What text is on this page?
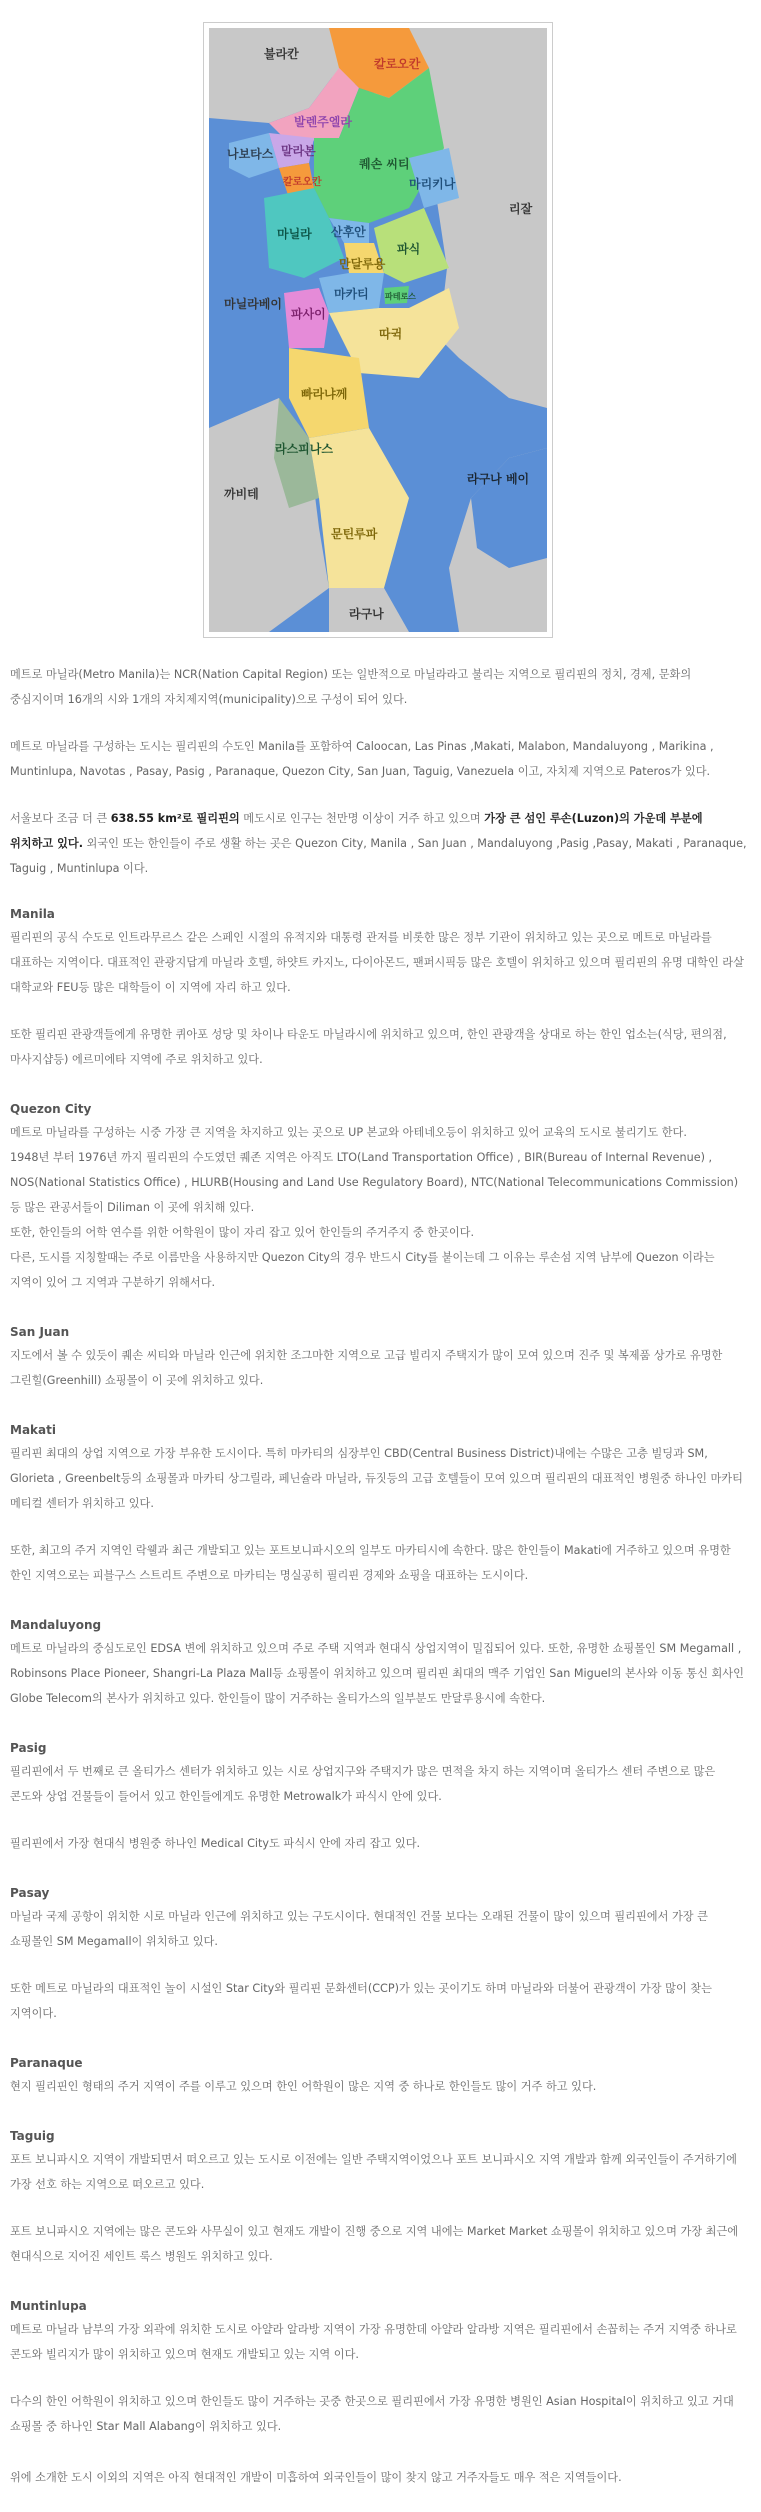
불라칸
칼로오칸
발렌주엘라
나보타스 말라본
칼로오칸
퀘손 씨티
마리키나
리잘
마닐라 산후안
만달루용
파식
마카티 파테로스
마닐라베이
파사이
따귁
빠라냐께
라스피나스
까비테
라구나 베이
문틴루파
라구나

메트로 마닐라(Metro Manila)는 NCR(Nation Capital Region) 또는 일반적으로 마닐라라고 불리는 지역으로 필리핀의 정치, 경제, 문화의 중심지이며 16개의 시와 1개의 자치제지역(municipality)으로 구성이 되어 있다.

메트로 마닐라를 구성하는 도시는 필리핀의 수도인 Manila를 포함하여 Caloocan, Las Pinas ,Makati, Malabon, Mandaluyong , Marikina , Muntinlupa, Navotas , Pasay, Pasig , Paranaque, Quezon City, San Juan, Taguig, Vanezuela 이고, 자치제 지역으로 Pateros가 있다.

서울보다 조금 더 큰 638.55 km²로 필리핀의 메도시로 인구는 천만명 이상이 거주 하고 있으며 가장 큰 섬인 루손(Luzon)의 가운데 부분에 위치하고 있다. 외국인 또는 한인들이 주로 생활 하는 곳은 Quezon City, Manila , San Juan , Mandaluyong ,Pasig ,Pasay, Makati , Paranaque, Taguig , Muntinlupa 이다.

Manila

필리핀의 공식 수도로 인트라무르스 같은 스페인 시절의 유적지와 대통령 관저를 비롯한 많은 정부 기관이 위치하고 있는 곳으로 메트로 마닐라를 대표하는 지역이다. 대표적인 관광지답게 마닐라 호텔, 하얏트 카지노, 다이아몬드, 팬퍼시픽등 많은 호텔이 위치하고 있으며 필리핀의 유명 대학인 라살 대학교와 FEU등 많은 대학들이 이 지역에 자리 하고 있다.

또한 필리핀 관광객들에게 유명한 퀴아포 성당 및 차이나 타운도 마닐라시에 위치하고 있으며, 한인 관광객을 상대로 하는 한인 업소는(식당, 편의점,마사지샵등) 에르미에타 지역에 주로 위치하고 있다.

Quezon City

메트로 마닐라를 구성하는 시중 가장 큰 지역을 차지하고 있는 곳으로 UP 본교와 아테네오등이 위치하고 있어 교육의 도시로 불리기도 한다.

1948년 부터 1976년 까지 필리핀의 수도였던 퀘존 지역은 아직도 LTO(Land Transportation Office) , BIR(Bureau of Internal Revenue) , NOS(National Statistics Office) , HLURB(Housing and Land Use Regulatory Board), NTC(National Telecommunications Commission) 등 많은 관공서들이 Diliman 이 곳에 위치해 있다.

또한, 한인들의 어학 연수를 위한 어학원이 많이 자리 잡고 있어 한인들의 주거주지 중 한곳이다.

다른, 도시를 지칭할때는 주로 이름만을 사용하지만 Quezon City의 경우 반드시 City를 붙이는데 그 이유는 루손섬 지역 남부에 Quezon 이라는 지역이 있어 그 지역과 구분하기 위해서다.

San Juan

지도에서 볼 수 있듯이 퀘손 씨티와 마닐라 인근에 위치한 조그마한 지역으로 고급 빌리지 주택지가 많이 모여 있으며 진주 및 복제품 상가로 유명한 그린힐(Greenhill) 쇼핑몰이 이 곳에 위치하고 있다.

Makati

필리핀 최대의 상업 지역으로 가장 부유한 도시이다. 특히 마카티의 심장부인 CBD(Central Business District)내에는 수많은 고층 빌딩과 SM, Glorieta , Greenbelt등의 쇼핑몰과 마카티 상그릴라, 페닌슐라 마닐라, 듀짓등의 고급 호텔들이 모여 있으며 필리핀의 대표적인 병원중 하나인 마카티 메티컬 센터가 위치하고 있다.

또한, 최고의 주거 지역인 락웰과 최근 개발되고 있는 포트보니파시오의 일부도 마카티시에 속한다. 많은 한인들이 Makati에 거주하고 있으며 유명한 한인 지역으로는 피블구스 스트리트 주변으로 마카티는 명실공히 필리핀 경제와 쇼핑을 대표하는 도시이다.

Mandaluyong

메트로 마닐라의 중심도로인 EDSA 변에 위치하고 있으며 주로 주택 지역과 현대식 상업지역이 밀집되어 있다. 또한, 유명한 쇼핑몰인 SM Megamall , Robinsons Place Pioneer, Shangri-La Plaza Mall등 쇼핑몰이 위치하고 있으며 필리핀 최대의 맥주 기업인 San Miguel의 본사와 이동 통신 회사인 Globe Telecom의 본사가 위치하고 있다. 한인들이 많이 거주하는 올티가스의 일부분도 만달루용시에 속한다.

Pasig

필리핀에서 두 번째로 큰 올티가스 센터가 위치하고 있는 시로 상업지구와 주택지가 많은 면적을 차지 하는 지역이며 올티가스 센터 주변으로 많은 콘도와 상업 건물들이 들어서 있고 한인들에게도 유명한 Metrowalk가 파식시 안에 있다.

필리핀에서 가장 현대식 병원중 하나인 Medical City도 파식시 안에 자리 잡고 있다.

Pasay

마닐라 국제 공항이 위치한 시로 마닐라 인근에 위치하고 있는 구도시이다. 현대적인 건물 보다는 오래된 건물이 많이 있으며 필리핀에서 가장 큰 쇼핑몰인 SM Megamall이 위치하고 있다.

또한 메트로 마닐라의 대표적인 놀이 시설인 Star City와 필리핀 문화센터(CCP)가 있는 곳이기도 하며 마닐라와 더불어 관광객이 가장 많이 찾는 지역이다.

Paranaque

현지 필리핀인 형태의 주거 지역이 주를 이루고 있으며 한인 어학원이 많은 지역 중 하나로 한인들도 많이 거주 하고 있다.

Taguig

포트 보니파시오 지역이 개발되면서 떠오르고 있는 도시로 이전에는 일반 주택지역이었으나 포트 보니파시오 지역 개발과 함께 외국인들이 주거하기에 가장 선호 하는 지역으로 떠오르고 있다.

포트 보니파시오 지역에는 많은 콘도와 사무실이 있고 현재도 개발이 진행 중으로 지역 내에는 Market Market 쇼핑몰이 위치하고 있으며 가장 최근에 현대식으로 지어진 세인트 룩스 병원도 위치하고 있다.

Muntinlupa

메트로 마닐라 남부의 가장 외곽에 위치한 도시로 아얄라 알라방 지역이 가장 유명한데 아얄라 알라방 지역은 필리핀에서 손꼽히는 주거 지역중 하나로 콘도와 빌리지가 많이 위치하고 있으며 현재도 개발되고 있는 지역 이다.

다수의 한인 어학원이 위치하고 있으며 한인들도 많이 거주하는 곳중 한곳으로 필리핀에서 가장 유명한 병원인 Asian Hospital이 위치하고 있고 거대 쇼핑몰 중 하나인 Star Mall Alabang이 위치하고 있다.

위에 소개한 도시 이외의 지역은 아직 현대적인 개발이 미흡하여 외국인들이 많이 찾지 않고 거주자들도 매우 적은 지역들이다.
